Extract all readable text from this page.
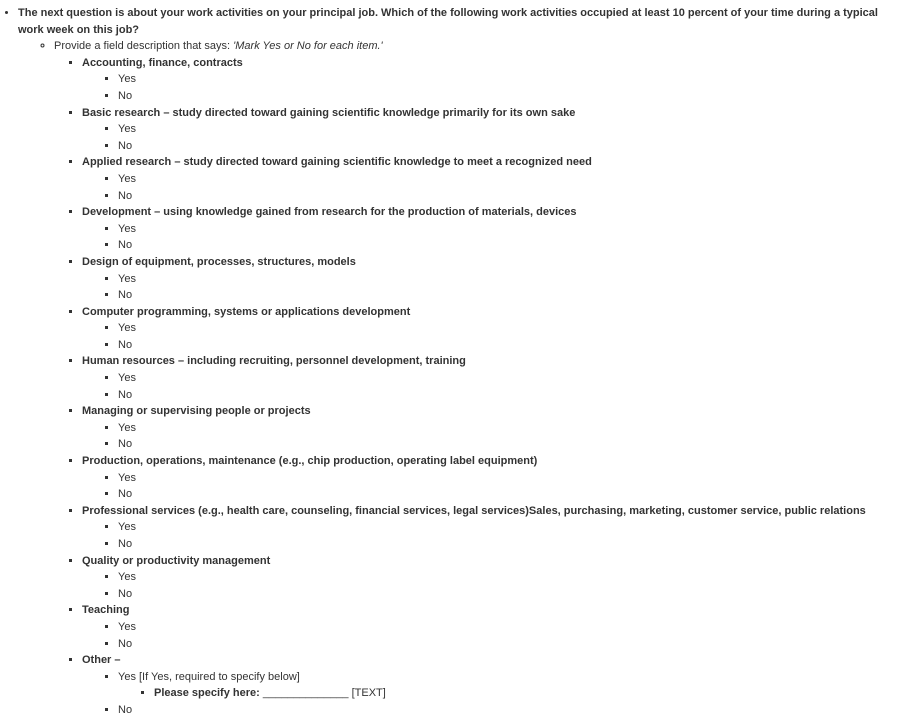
• The next question is about your work activities on your principal job. Which of the following work activities occupied at least 10 percent of your time during a typical work week on this job?
◦ Provide a field description that says: 'Mark Yes or No for each item.'
▪ Accounting, finance, contracts
▪ Yes
▪ No
▪ Basic research – study directed toward gaining scientific knowledge primarily for its own sake
▪ Yes
▪ No
▪ Applied research – study directed toward gaining scientific knowledge to meet a recognized need
▪ Yes
▪ No
▪ Development – using knowledge gained from research for the production of materials, devices
▪ Yes
▪ No
▪ Design of equipment, processes, structures, models
▪ Yes
▪ No
▪ Computer programming, systems or applications development
▪ Yes
▪ No
▪ Human resources – including recruiting, personnel development, training
▪ Yes
▪ No
▪ Managing or supervising people or projects
▪ Yes
▪ No
▪ Production, operations, maintenance (e.g., chip production, operating label equipment)
▪ Yes
▪ No
▪ Professional services (e.g., health care, counseling, financial services, legal services)Sales, purchasing, marketing, customer service, public relations
▪ Yes
▪ No
▪ Quality or productivity management
▪ Yes
▪ No
▪ Teaching
▪ Yes
▪ No
▪ Other –
▪ Yes [If Yes, required to specify below]
▪ Please specify here: ______________ [TEXT]
▪ No
